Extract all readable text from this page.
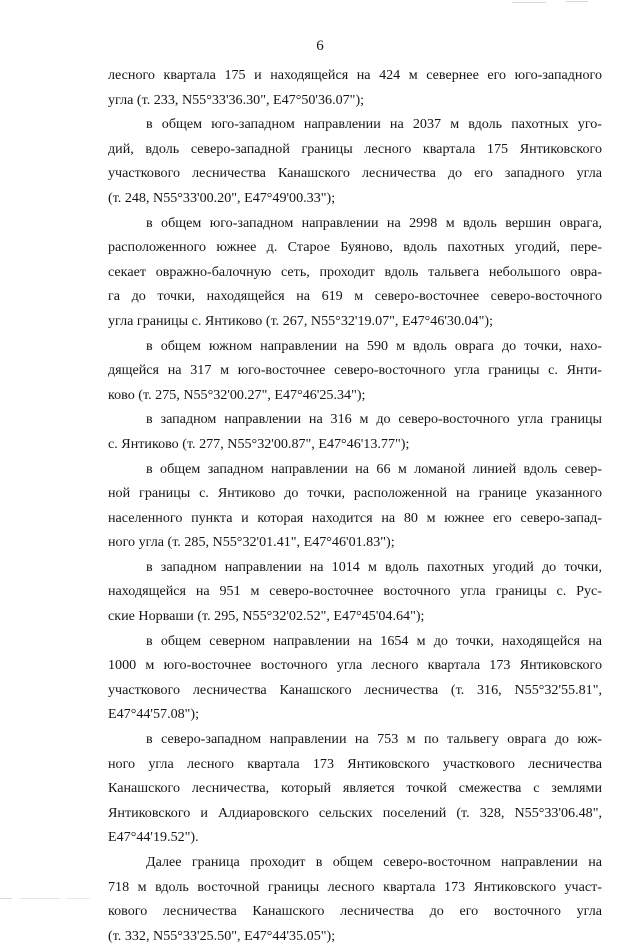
6
лесного квартала 175 и находящейся на 424 м севернее его юго-западного
угла (т. 233, N55°33'36.30", E47°50'36.07");
в общем юго-западном направлении на 2037 м вдоль пахотных уго-
дий, вдоль северо-западной границы лесного квартала 175 Янтиковского
участкового лесничества Канашского лесничества до его западного угла
(т. 248, N55°33'00.20", E47°49'00.33");
в общем юго-западном направлении на 2998 м вдоль вершин оврага,
расположенного южнее д. Старое Буяново, вдоль пахотных угодий, пере-
секает овражно-балочную сеть, проходит вдоль тальвега небольшого овра-
га до точки, находящейся на 619 м северо-восточнее северо-восточного
угла границы с. Янтиково (т. 267, N55°32'19.07", E47°46'30.04");
в общем южном направлении на 590 м вдоль оврага до точки, нахо-
дящейся на 317 м юго-восточнее северо-восточного угла границы с. Янти-
ково (т. 275, N55°32'00.27", E47°46'25.34");
в западном направлении на 316 м до северо-восточного угла границы
с. Янтиково (т. 277, N55°32'00.87", E47°46'13.77");
в общем западном направлении на 66 м ломаной линией вдоль север-
ной границы с. Янтиково до точки, расположенной на границе указанного
населенного пункта и которая находится на 80 м южнее его северо-запад-
ного угла (т. 285, N55°32'01.41", E47°46'01.83");
в западном направлении на 1014 м вдоль пахотных угодий до точки,
находящейся на 951 м северо-восточнее восточного угла границы с. Рус-
ские Норваши (т. 295, N55°32'02.52", E47°45'04.64");
в общем северном направлении на 1654 м до точки, находящейся на
1000 м юго-восточнее восточного угла лесного квартала 173 Янтиковского
участкового лесничества Канашского лесничества (т. 316, N55°32'55.81",
E47°44'57.08");
в северо-западном направлении на 753 м по тальвегу оврага до юж-
ного угла лесного квартала 173 Янтиковского участкового лесничества
Канашского лесничества, который является точкой смежества с землями
Янтиковского и Алдиаровского сельских поселений (т. 328, N55°33'06.48",
E47°44'19.52").
Далее граница проходит в общем северо-восточном направлении на
718 м вдоль восточной границы лесного квартала 173 Янтиковского участ-
кового лесничества Канашского лесничества до его восточного угла
(т. 332, N55°33'25.50", E47°44'35.05");
